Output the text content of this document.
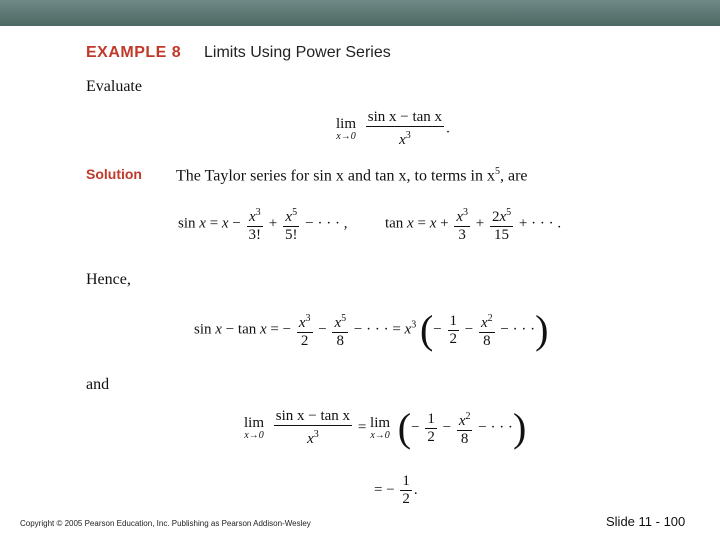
EXAMPLE 8 Limits Using Power Series
Evaluate
lim
x→0
$\frac{\text{sin x − tan x}}{x^3}$ .
Solution The Taylor series for sin x and tan x, to terms in $x^5$, are
$\sin x = x - \frac{x^3}{3!} + \frac{x^5}{5!}$ − · · · ,  $\tan x = x + \frac{x^3}{3} + \frac{2x^5}{15}$ + · · · .
Hence,
sin x − tan x = − $\frac{x^3}{2} - \frac{x^5}{8}$ − · · · = $x^3$ (− $\frac{1}{2} - \frac{x^2}{8}$ − · · ·)
and
lim
x→0
$\frac{\text{sin x − tan x}}{x^3} = \lim$
x→0 (− $\frac{1}{2} - \frac{x^2}{8}$ − · · ·)
= − $\frac{1}{2}$ .
Copyright © 2005 Pearson Education, Inc. Publishing as Pearson Addison-Wesley	Slide 11 - 100
